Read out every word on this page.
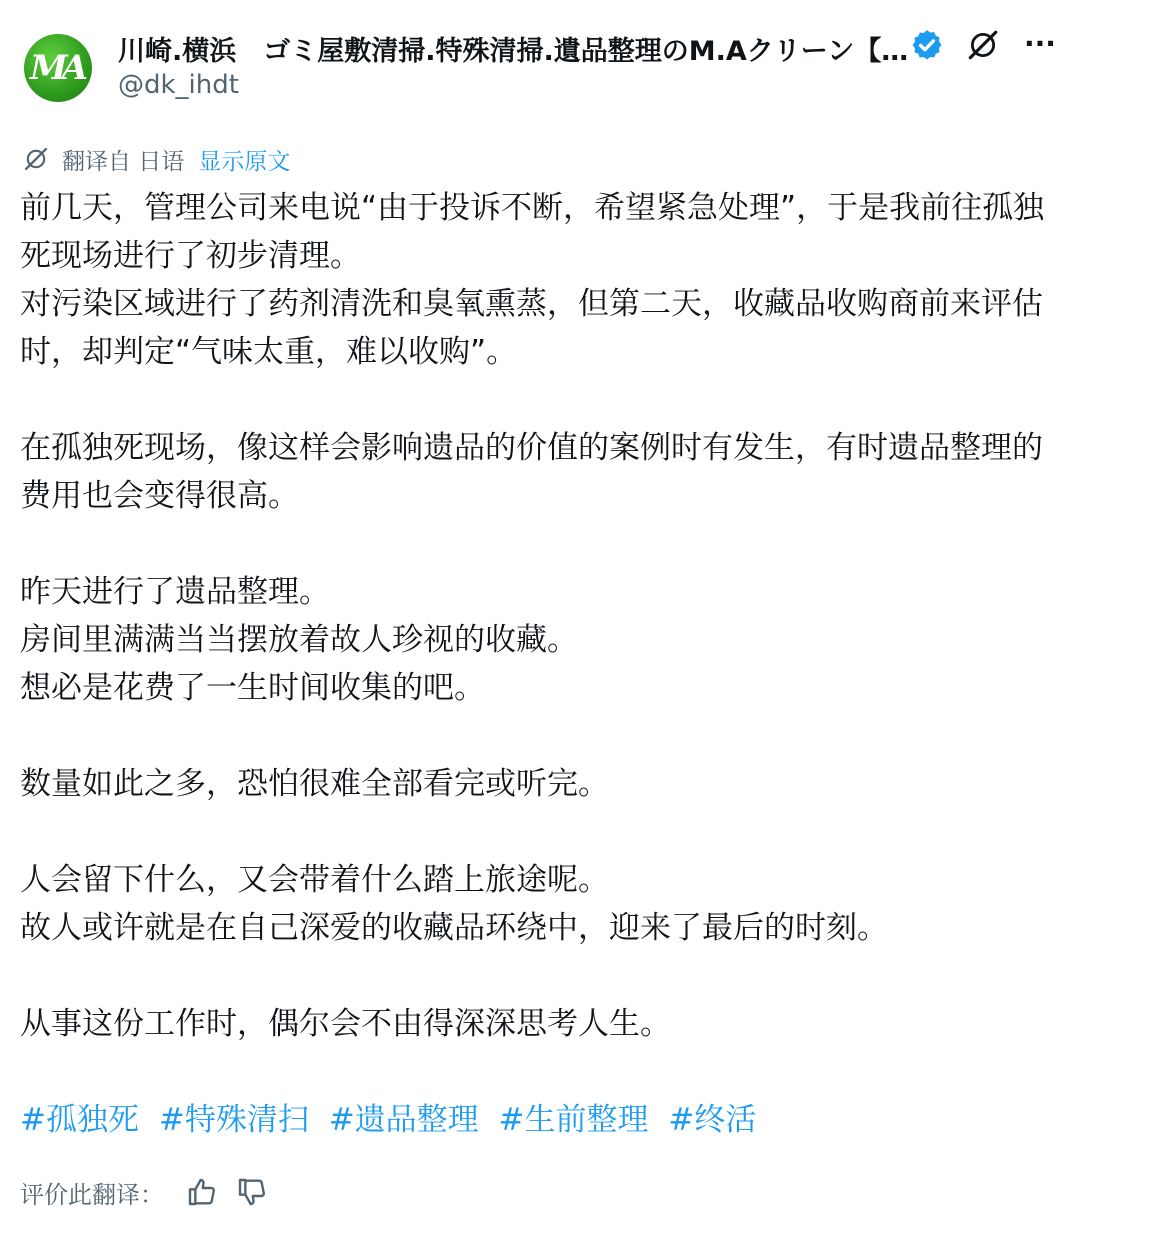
MA 川崎.横浜　ゴミ屋敷清掃.特殊清掃.遺品整理のM.Aクリーン【…	···
@dk_ihdt
翻译自 日语 显示原文

前几天，管理公司来电说“由于投诉不断，希望紧急处理”，于是我前往孤独
死现场进行了初步清理。
对污染区域进行了药剂清洗和臭氧熏蒸，但第二天，收藏品收购商前来评估
时，却判定“气味太重，难以收购”。

在孤独死现场，像这样会影响遗品的价值的案例时有发生，有时遗品整理的
费用也会变得很高。

昨天进行了遗品整理。
房间里满满当当摆放着故人珍视的收藏。
想必是花费了一生时间收集的吧。

数量如此之多，恐怕很难全部看完或听完。

人会留下什么，又会带着什么踏上旅途呢。
故人或许就是在自己深爱的收藏品环绕中，迎来了最后的时刻。

从事这份工作时，偶尔会不由得深深思考人生。

#孤独死 #特殊清扫 #遗品整理 #生前整理 #终活
评价此翻译：
